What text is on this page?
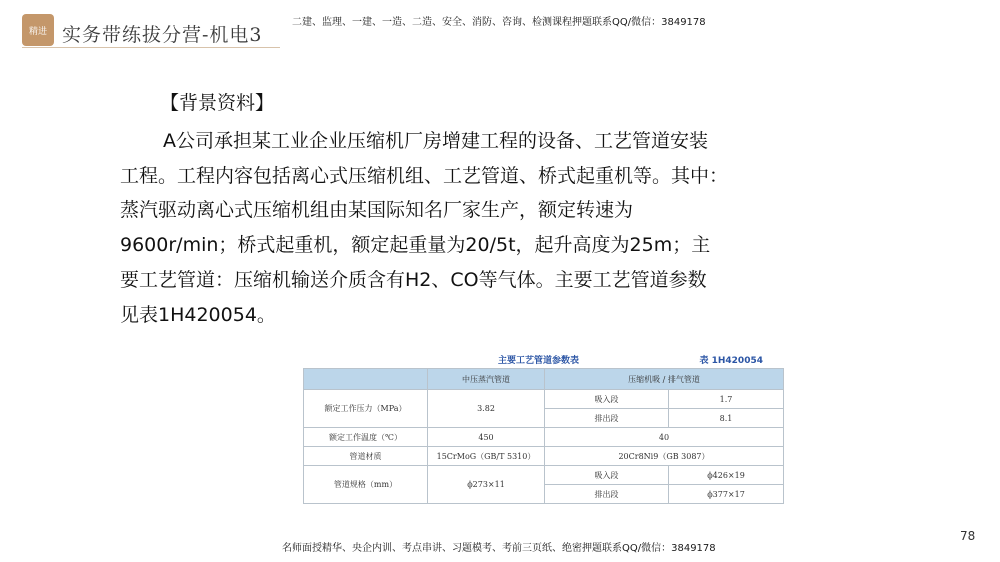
精进 实务带练拔分营-机电3
二建、监理、一建、一造、二造、安全、消防、咨询、检测课程押题联系QQ/微信：3849178
【背景资料】
A公司承担某工业企业压缩机厂房增建工程的设备、工艺管道安装
工程。工程内容包括离心式压缩机组、工艺管道、桥式起重机等。其中：
蒸汽驱动离心式压缩机组由某国际知名厂家生产，额定转速为
9600r/min；桥式起重机，额定起重量为20/5t，起升高度为25m；主
要工艺管道：压缩机输送介质含有H2、CO等气体。主要工艺管道参数
见表1H420054。
主要工艺管道参数表	表 1H420054
	中压蒸汽管道	压缩机吸 / 排气管道	
额定工作压力（MPa）	3.82	吸入段	1.7
		排出段	8.1
额定工作温度（℃）	450	40	
管道材质	15CrMoG（GB/T 5310）	20Cr8Ni9（GB 3087）	
管道规格（mm）	ϕ273×11	吸入段	ϕ426×19
		排出段	ϕ377×17
78
名师面授精华、央企内训、考点串讲、习题模考、考前三页纸、绝密押题联系QQ/微信：3849178
